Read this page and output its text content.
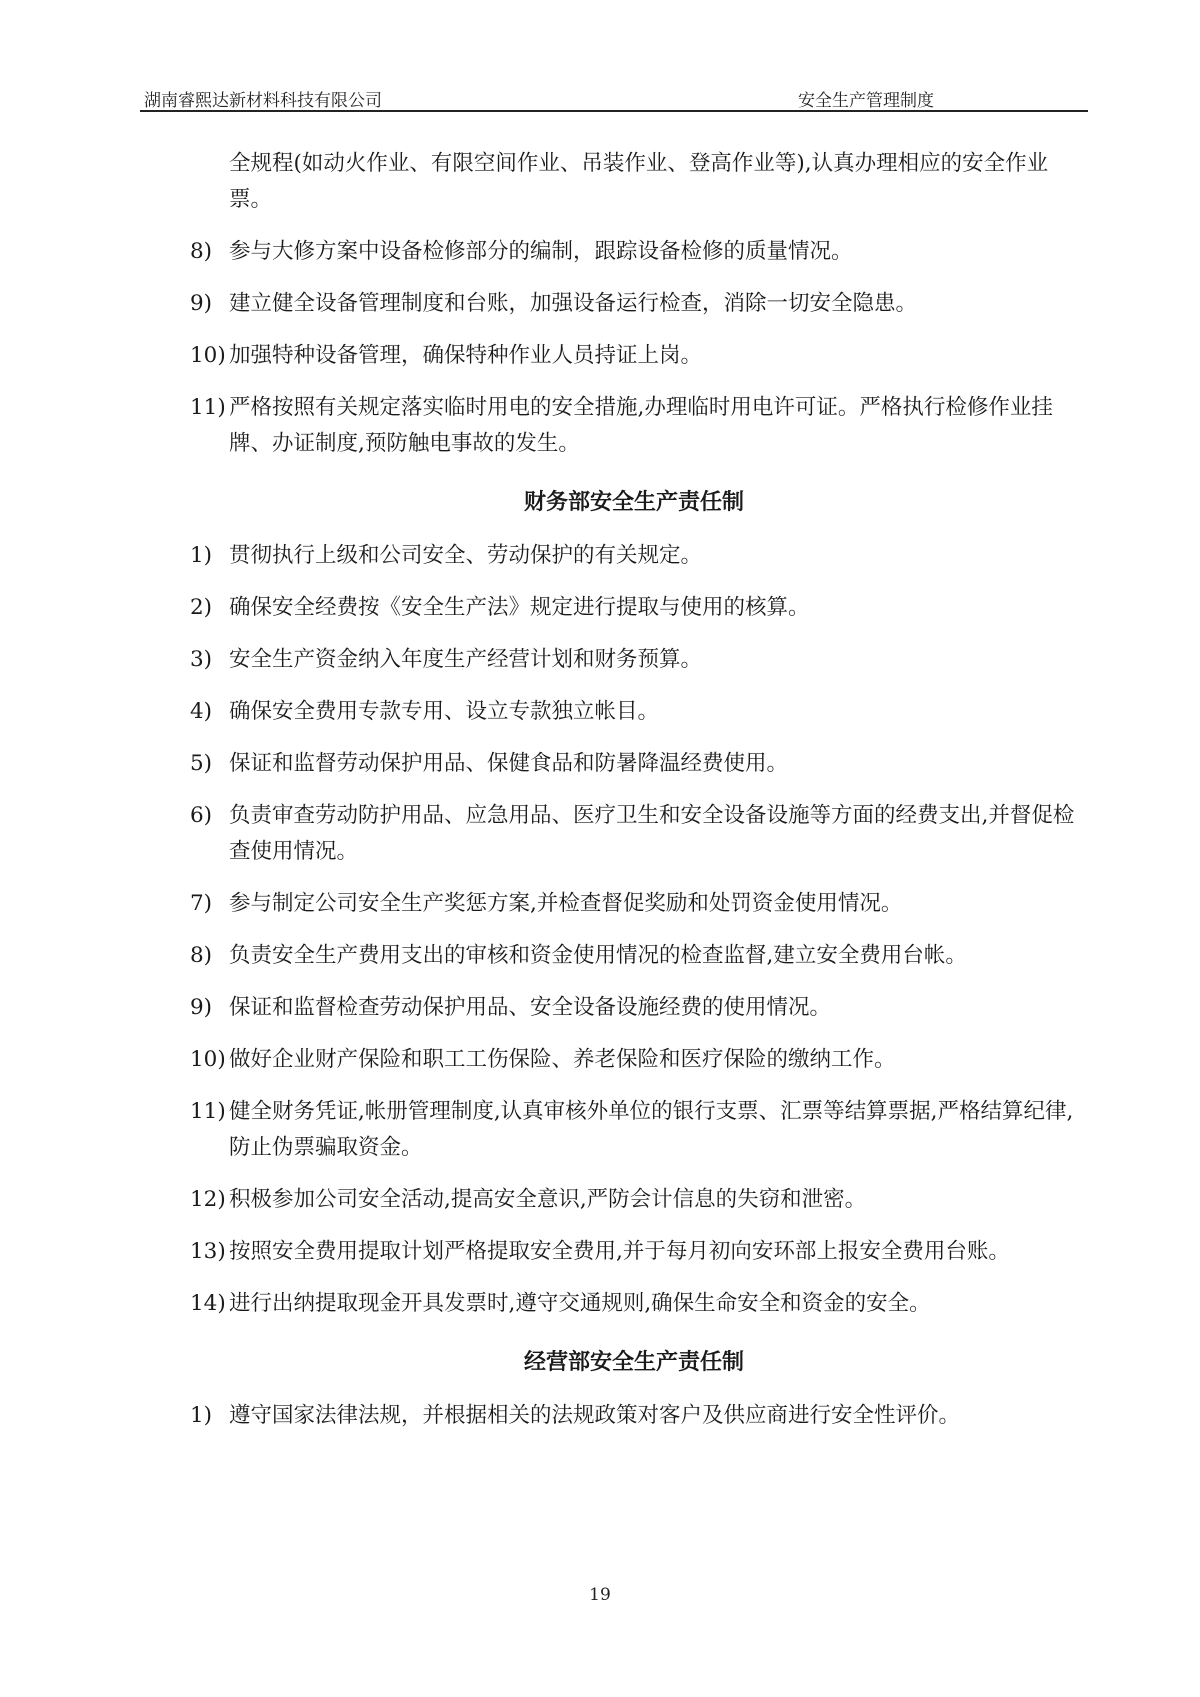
湖南睿熙达新材料科技有限公司	安全生产管理制度
全规程(如动火作业、有限空间作业、吊装作业、登高作业等),认真办理相应的安全作业票。
8) 参与大修方案中设备检修部分的编制，跟踪设备检修的质量情况。
9) 建立健全设备管理制度和台账，加强设备运行检查，消除一切安全隐患。
10) 加强特种设备管理，确保特种作业人员持证上岗。
11) 严格按照有关规定落实临时用电的安全措施,办理临时用电许可证。严格执行检修作业挂牌、办证制度,预防触电事故的发生。
财务部安全生产责任制
1) 贯彻执行上级和公司安全、劳动保护的有关规定。
2) 确保安全经费按《安全生产法》规定进行提取与使用的核算。
3) 安全生产资金纳入年度生产经营计划和财务预算。
4) 确保安全费用专款专用、设立专款独立帐目。
5) 保证和监督劳动保护用品、保健食品和防暑降温经费使用。
6) 负责审查劳动防护用品、应急用品、医疗卫生和安全设备设施等方面的经费支出,并督促检查使用情况。
7) 参与制定公司安全生产奖惩方案,并检查督促奖励和处罚资金使用情况。
8) 负责安全生产费用支出的审核和资金使用情况的检查监督,建立安全费用台帐。
9) 保证和监督检查劳动保护用品、安全设备设施经费的使用情况。
10) 做好企业财产保险和职工工伤保险、养老保险和医疗保险的缴纳工作。
11) 健全财务凭证,帐册管理制度,认真审核外单位的银行支票、汇票等结算票据,严格结算纪律,防止伪票骗取资金。
12) 积极参加公司安全活动,提高安全意识,严防会计信息的失窃和泄密。
13) 按照安全费用提取计划严格提取安全费用,并于每月初向安环部上报安全费用台账。
14) 进行出纳提取现金开具发票时,遵守交通规则,确保生命安全和资金的安全。
经营部安全生产责任制
1) 遵守国家法律法规，并根据相关的法规政策对客户及供应商进行安全性评价。
19
